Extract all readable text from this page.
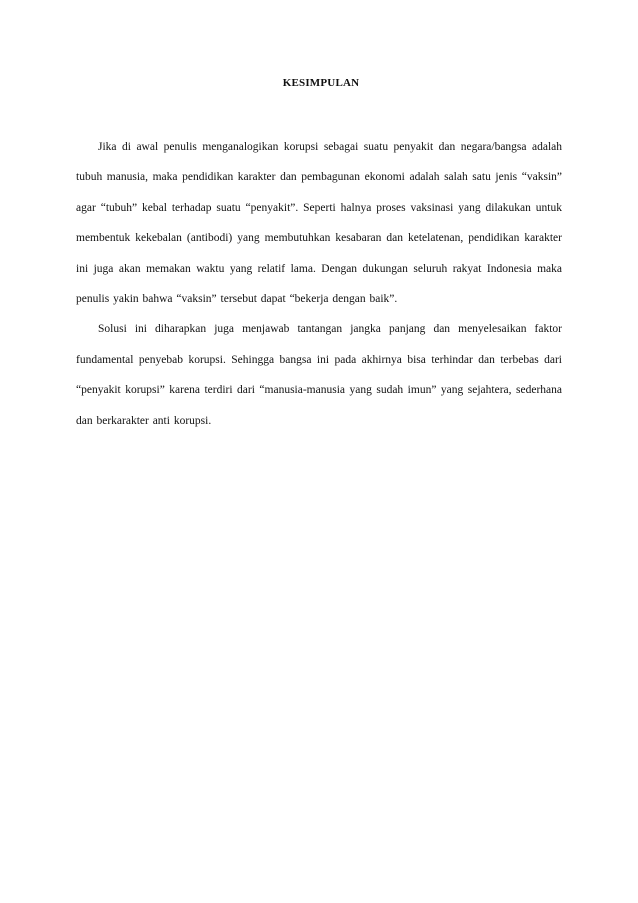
KESIMPULAN

Jika di awal penulis menganalogikan korupsi sebagai suatu penyakit dan negara/bangsa adalah tubuh manusia, maka pendidikan karakter dan pembagunan ekonomi adalah salah satu jenis “vaksin” agar “tubuh” kebal terhadap suatu “penyakit”. Seperti halnya proses vaksinasi yang dilakukan untuk membentuk kekebalan (antibodi) yang membutuhkan kesabaran dan ketelatenan, pendidikan karakter ini juga akan memakan waktu yang relatif lama. Dengan dukungan seluruh rakyat Indonesia maka penulis yakin bahwa “vaksin” tersebut dapat “bekerja dengan baik”.

Solusi ini diharapkan juga menjawab tantangan jangka panjang dan menyelesaikan faktor fundamental penyebab korupsi. Sehingga bangsa ini pada akhirnya bisa terhindar dan terbebas dari “penyakit korupsi” karena terdiri dari “manusia-manusia yang sudah imun” yang sejahtera, sederhana dan berkarakter anti korupsi.
